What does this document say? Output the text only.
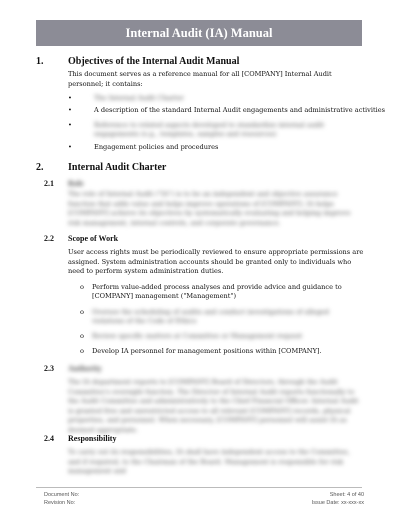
Internal Audit (IA) Manual
1. Objectives of the Internal Audit Manual
This document serves as a reference manual for all [COMPANY] Internal Audit personnel; it contains:
•	The Internal Audit Charter
•	A description of the standard Internal Audit engagements and administrative activities
•	Reference to related aspects developed to standardize internal audit engagements (e.g., templates, samples and resources)
•	Engagement policies and procedures
2. Internal Audit Charter
2.1 Role
The role of Internal Audit ("IA") is to be an independent and objective assurance function that adds value and helps improve operations of [COMPANY]. IA helps [COMPANY] achieve its objectives by systematically evaluating and helping improve risk management, internal controls, and corporate governance.
2.2 Scope of Work
User access rights must be periodically reviewed to ensure appropriate permissions are assigned. System administration accounts should be granted only to individuals who need to perform system administration duties.
o Perform value-added process analyses and provide advice and guidance to [COMPANY] management ("Management")
o Oversee the scheduling of audits and conduct investigations of alleged violations of the Code of Ethics
o Review specific matters at Committee or Management request
o Develop IA personnel for management positions within [COMPANY].
2.3 Authority
The IA department reports to [COMPANY] Board of Directors, through the Audit Committee's oversight function. The Director of Internal Audit reports functionally to the Audit Committee and administratively to the Chief Financial Officer. Internal Audit is granted free and unrestricted access to all relevant [COMPANY] records, physical properties, and personnel. When necessary, [COMPANY] personnel will assist IA as deemed appropriate.
2.4 Responsibility
To carry out its responsibilities, IA shall have independent access to the Committee, and if required, to the Chairman of the Board. Management is responsible for risk management and
Document No:
Revision No:
Sheet: 4 of 40
Issue Date: xx-xxx-xx
